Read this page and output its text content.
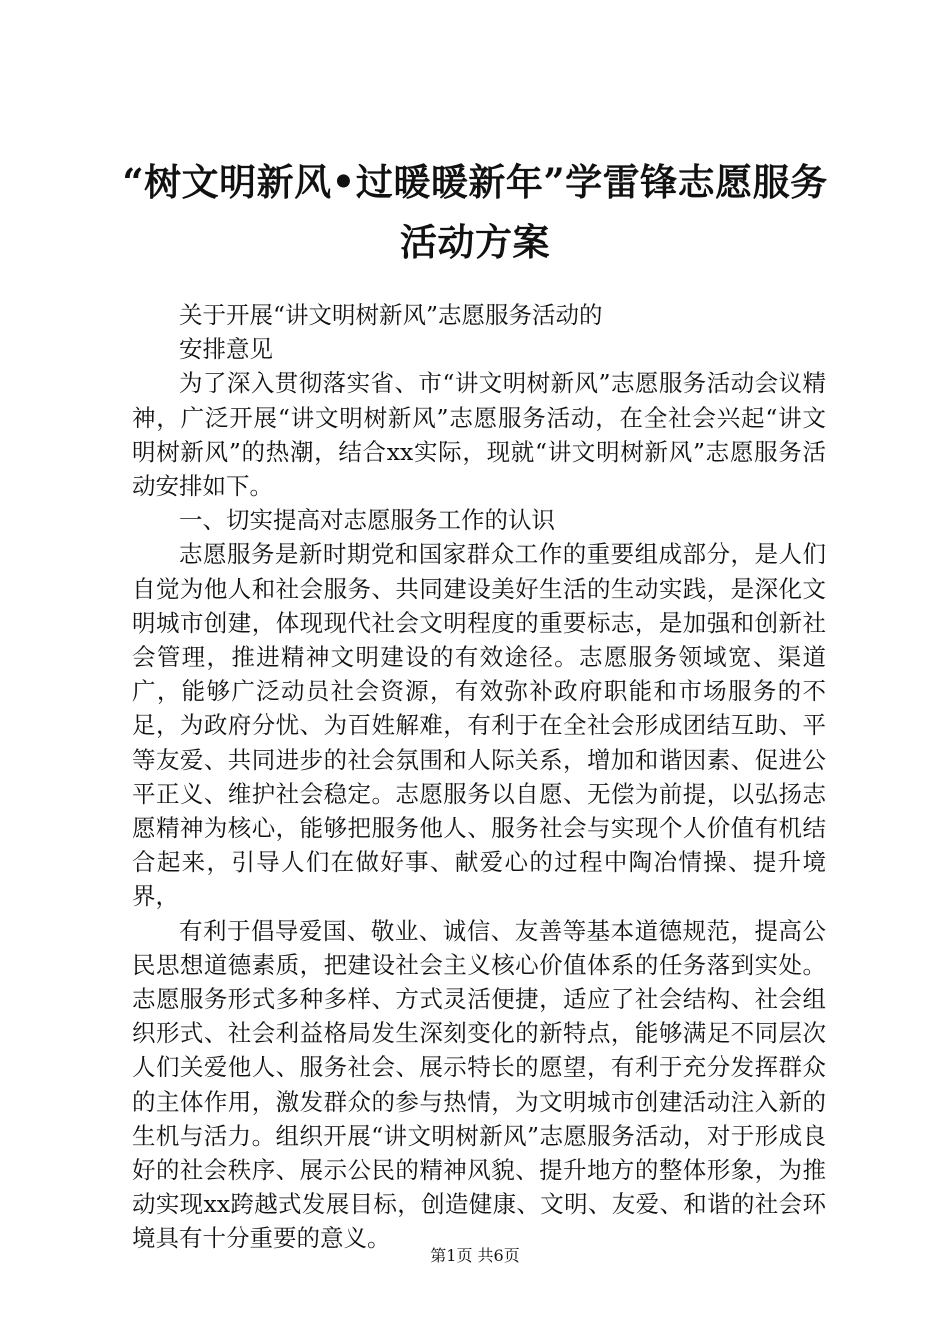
“树文明新风•过暖暖新年”学雷锋志愿服务
活动方案

关于开展“讲文明树新风”志愿服务活动的

安排意见

为了深入贯彻落实省、市“讲文明树新风”志愿服务活动会议精神，广泛开展“讲文明树新风”志愿服务活动，在全社会兴起“讲文明树新风”的热潮，结合xx实际，现就“讲文明树新风”志愿服务活动安排如下。

一、切实提高对志愿服务工作的认识

志愿服务是新时期党和国家群众工作的重要组成部分，是人们自觉为他人和社会服务、共同建设美好生活的生动实践，是深化文明城市创建，体现现代社会文明程度的重要标志，是加强和创新社会管理，推进精神文明建设的有效途径。志愿服务领域宽、渠道广，能够广泛动员社会资源，有效弥补政府职能和市场服务的不足，为政府分忧、为百姓解难，有利于在全社会形成团结互助、平等友爱、共同进步的社会氛围和人际关系，增加和谐因素、促进公平正义、维护社会稳定。志愿服务以自愿、无偿为前提，以弘扬志愿精神为核心，能够把服务他人、服务社会与实现个人价值有机结合起来，引导人们在做好事、献爱心的过程中陶冶情操、提升境界，

有利于倡导爱国、敬业、诚信、友善等基本道德规范，提高公民思想道德素质，把建设社会主义核心价值体系的任务落到实处。志愿服务形式多种多样、方式灵活便捷，适应了社会结构、社会组织形式、社会利益格局发生深刻变化的新特点，能够满足不同层次人们关爱他人、服务社会、展示特长的愿望，有利于充分发挥群众的主体作用，激发群众的参与热情，为文明城市创建活动注入新的生机与活力。组织开展“讲文明树新风”志愿服务活动，对于形成良好的社会秩序、展示公民的精神风貌、提升地方的整体形象，为推动实现xx跨越式发展目标，创造健康、文明、友爱、和谐的社会环境具有十分重要的意义。

第1页 共6页
